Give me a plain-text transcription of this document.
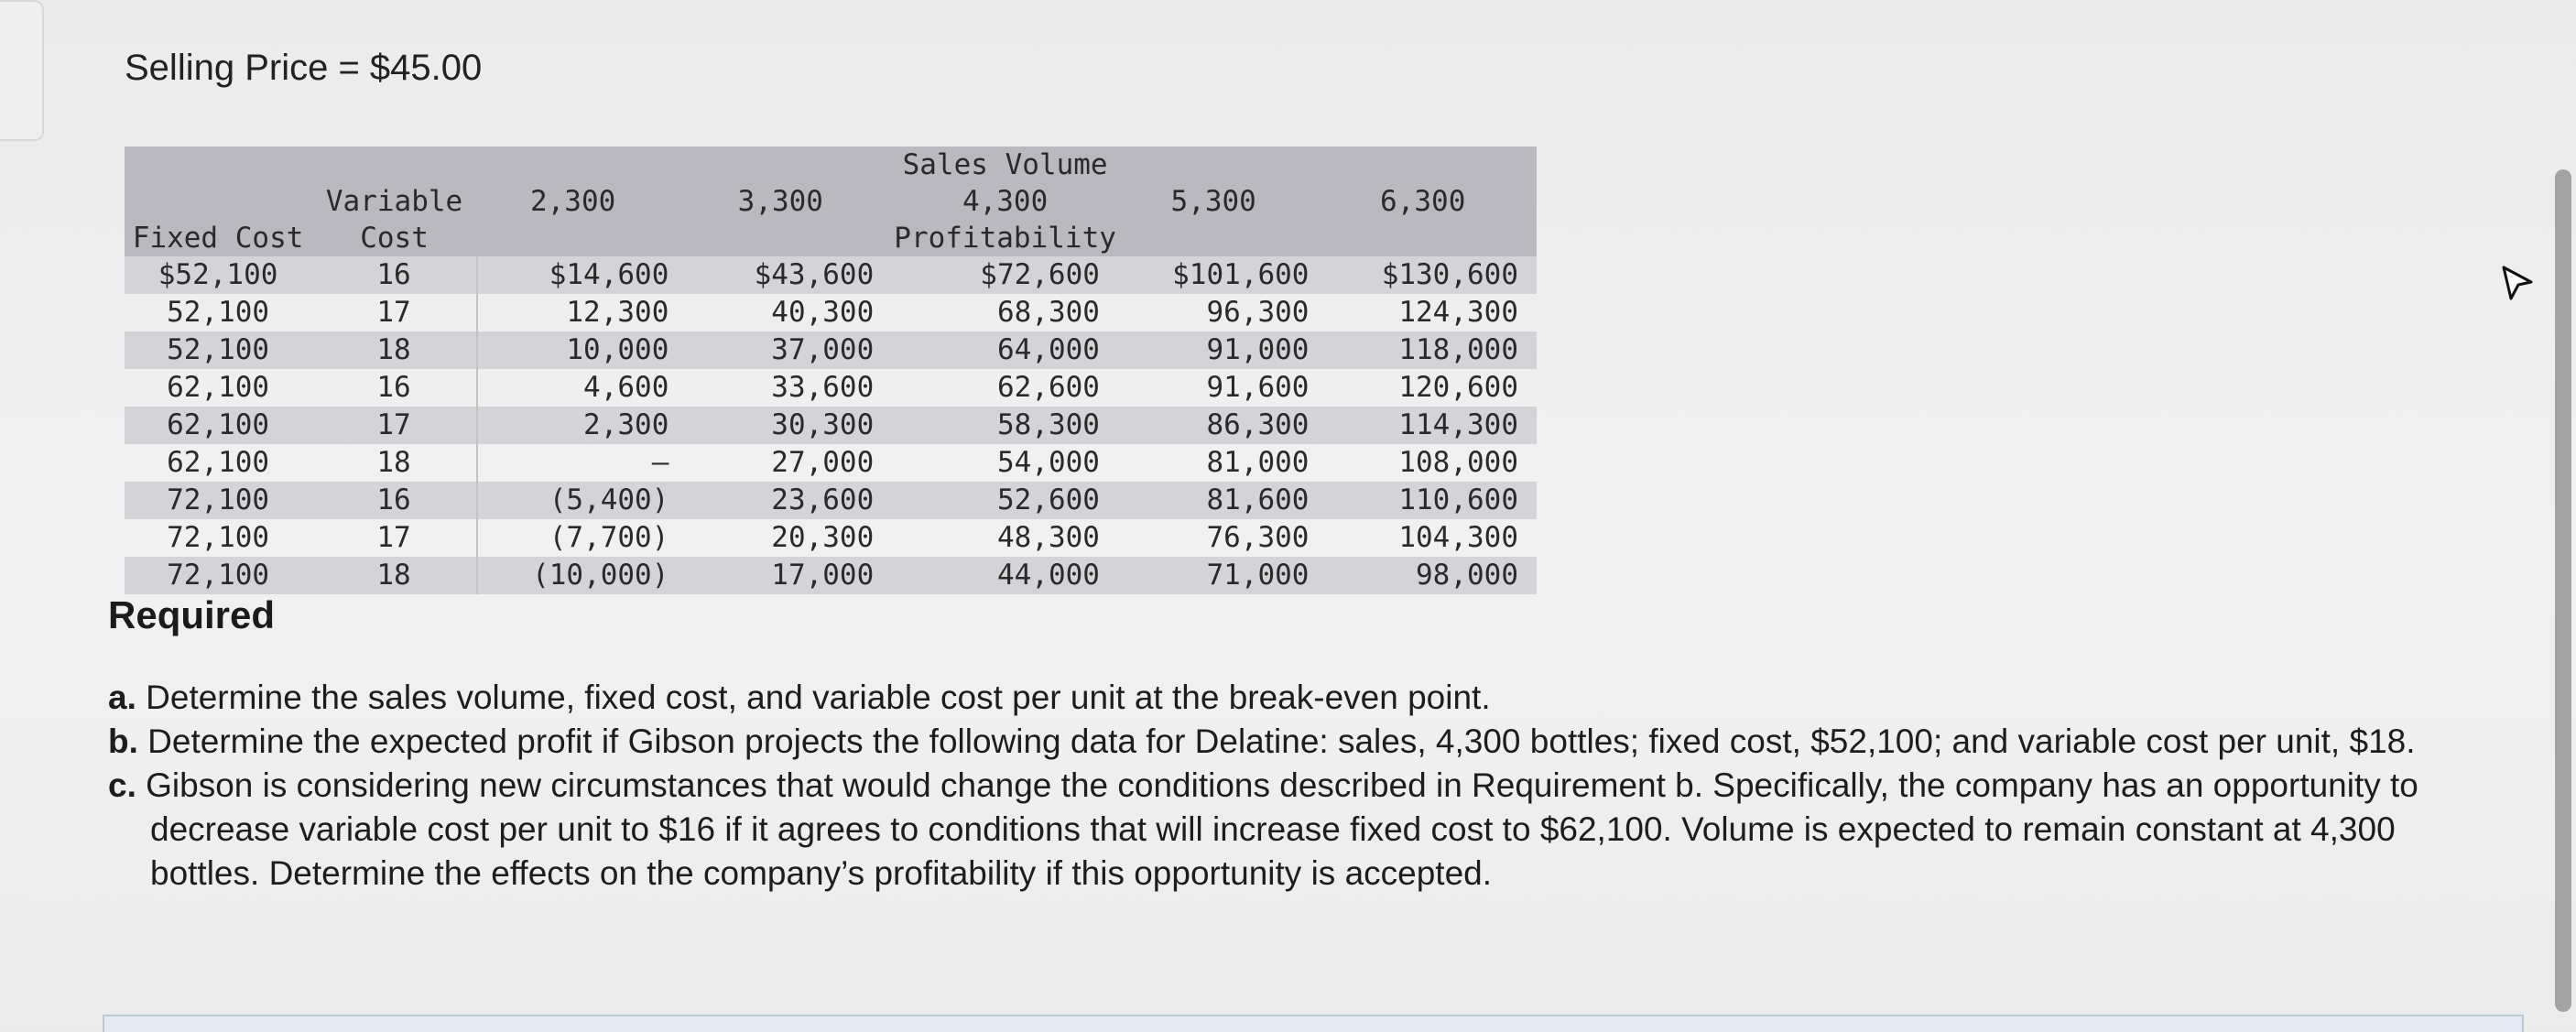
Selling Price = $45.00
				Sales Volume		
	Variable	2,300	3,300	4,300	5,300	6,300
Fixed Cost	Cost			Profitability		
$52,100	16	$14,600	$43,600	$72,600	$101,600	$130,600
52,100	17	12,300	40,300	68,300	96,300	124,300
52,100	18	10,000	37,000	64,000	91,000	118,000
62,100	16	4,600	33,600	62,600	91,600	120,600
62,100	17	2,300	30,300	58,300	86,300	114,300
62,100	18	–	27,000	54,000	81,000	108,000
72,100	16	(5,400)	23,600	52,600	81,600	110,600
72,100	17	(7,700)	20,300	48,300	76,300	104,300
72,100	18	(10,000)	17,000	44,000	71,000	98,000
Required
a. Determine the sales volume, fixed cost, and variable cost per unit at the break-even point.
b. Determine the expected profit if Gibson projects the following data for Delatine: sales, 4,300 bottles; fixed cost, $52,100; and variable cost per unit, $18.
c. Gibson is considering new circumstances that would change the conditions described in Requirement b. Specifically, the company has an opportunity to decrease variable cost per unit to $16 if it agrees to conditions that will increase fixed cost to $62,100. Volume is expected to remain constant at 4,300 bottles. Determine the effects on the company’s profitability if this opportunity is accepted.
